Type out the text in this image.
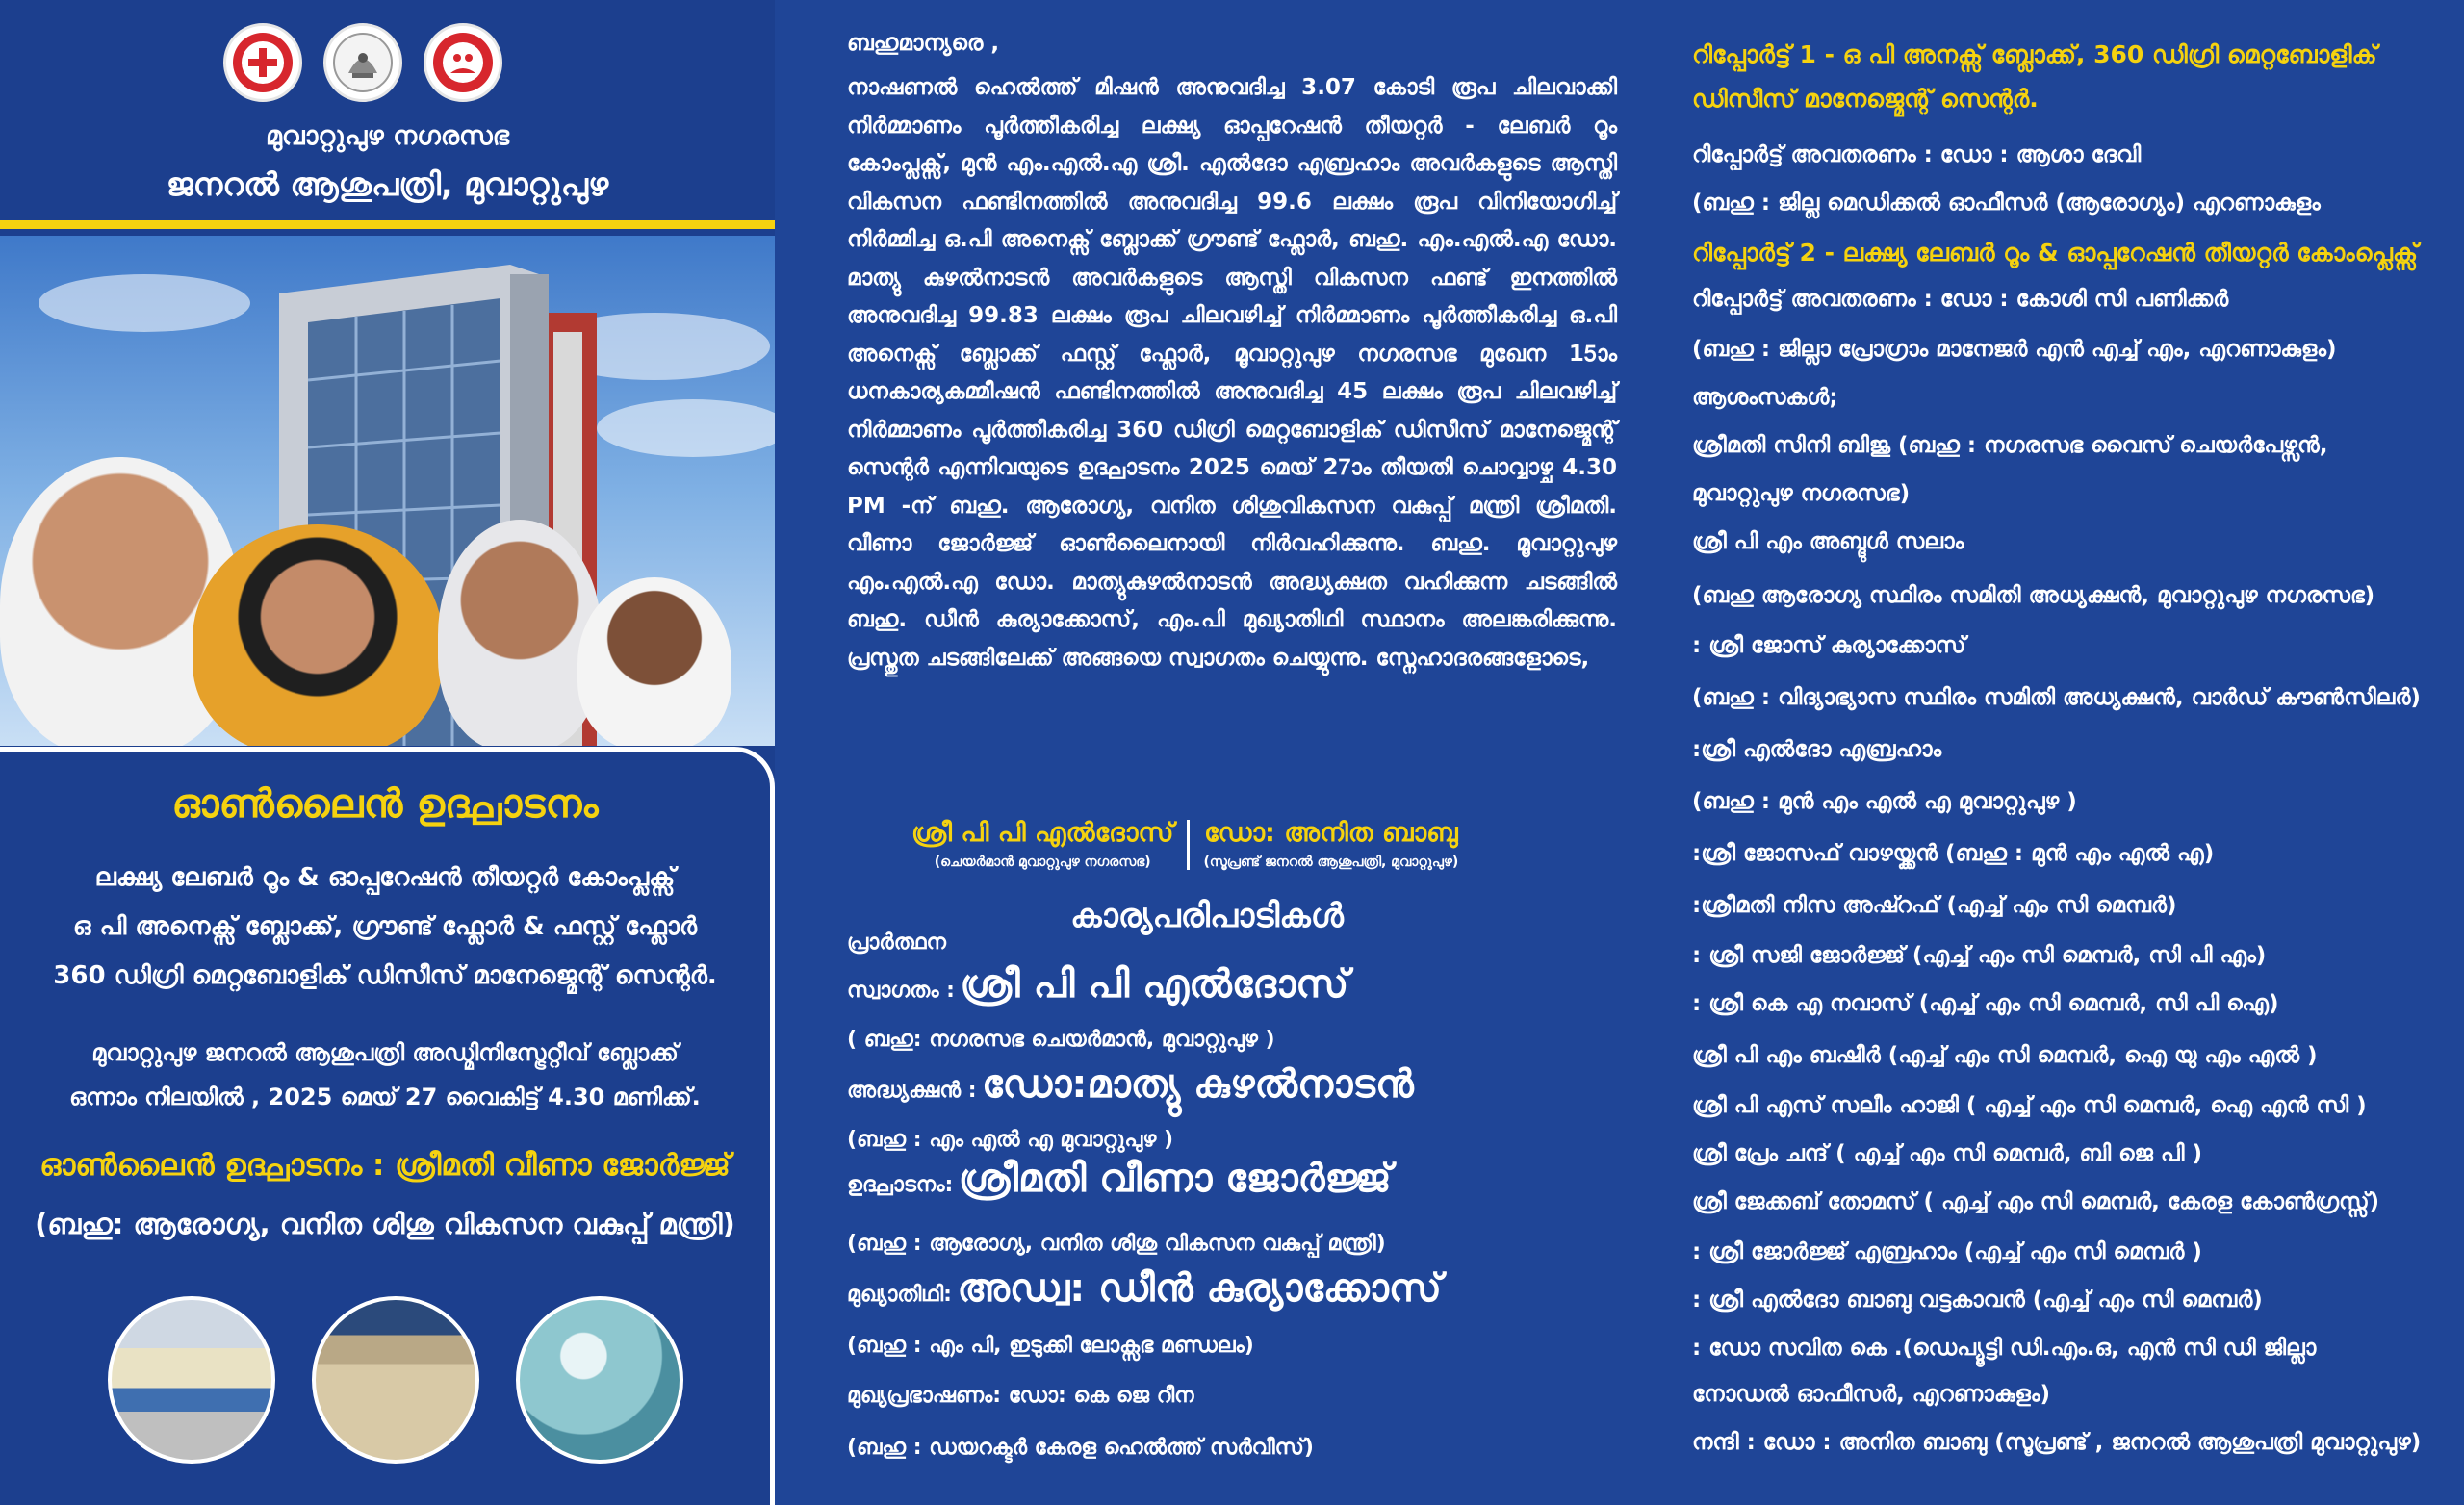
മുവാറ്റുപുഴ നഗരസഭ
ജനറൽ ആശുപത്രി, മുവാറ്റുപുഴ
ഓൺലൈൻ ഉദ്ഘാടനം
ലക്ഷ്യ ലേബർ റൂം & ഓപ്പറേഷൻ തീയറ്റർ കോംപ്ലക്സ്
ഒ പി അനെക്സ് ബ്ലോക്ക്, ഗ്രൗണ്ട് ഫ്ലോർ & ഫസ്റ്റ് ഫ്ലോർ
360 ഡിഗ്രി മെറ്റബോളിക് ഡിസീസ് മാനേജ്മെന്റ് സെന്റർ.
മുവാറ്റുപുഴ ജനറൽ ആശുപത്രി അഡ്മിനിസ്ട്രേറ്റീവ് ബ്ലോക്ക്
ഒന്നാം നിലയിൽ , 2025 മെയ് 27 വൈകിട്ട് 4.30 മണിക്ക്.
ഓൺലൈൻ ഉദ്ഘാടനം : ശ്രീമതി വീണാ ജോർജ്ജ്
(ബഹു: ആരോഗ്യ, വനിത ശിശു വികസന വകുപ്പ് മന്ത്രി)
ബഹുമാന്യരെ ,

നാഷണൽ ഹെൽത്ത് മിഷൻ അനുവദിച്ച 3.07 കോടി രൂപ ചിലവാക്കി നിർമ്മാണം പൂർത്തീകരിച്ച ലക്ഷ്യ ഓപ്പറേഷൻ തീയറ്റർ - ലേബർ റൂം കോംപ്ലക്സ്, മുൻ എം.എൽ.എ ശ്രീ. എൽദോ എബ്രഹാം അവർകളുടെ ആസ്തി വികസന ഫണ്ടിനത്തിൽ അനുവദിച്ച 99.6 ലക്ഷം രൂപ വിനിയോഗിച്ച് നിർമ്മിച്ച ഒ.പി അനെക്സ് ബ്ലോക്ക് ഗ്രൗണ്ട് ഫ്ലോർ, ബഹു. എം.എൽ.എ ഡോ. മാത്യു കുഴൽനാടൻ അവർകളുടെ ആസ്തി വികസന ഫണ്ട് ഇനത്തിൽ അനുവദിച്ച 99.83 ലക്ഷം രൂപ ചിലവഴിച്ച് നിർമ്മാണം പൂർത്തീകരിച്ച ഒ.പി അനെക്സ് ബ്ലോക്ക് ഫസ്റ്റ് ഫ്ലോർ, മൂവാറ്റുപുഴ നഗരസഭ മുഖേന 15ാം ധനകാര്യകമ്മീഷൻ ഫണ്ടിനത്തിൽ അനുവദിച്ച 45 ലക്ഷം രൂപ ചിലവഴിച്ച് നിർമ്മാണം പൂർത്തീകരിച്ച 360 ഡിഗ്രി മെറ്റബോളിക് ഡിസീസ് മാനേജ്മെന്റ് സെന്റർ എന്നിവയുടെ ഉദ്ഘാടനം 2025 മെയ് 27ാം തീയതി ചൊവ്വാഴ്ച 4.30 PM -ന് ബഹു. ആരോഗ്യ, വനിത ശിശുവികസന വകുപ്പ് മന്ത്രി ശ്രീമതി. വീണാ ജോർജ്ജ് ഓൺലൈനായി നിർവഹിക്കുന്നു. ബഹു. മൂവാറ്റുപുഴ എം.എൽ.എ ഡോ. മാത്യുകുഴൽനാടൻ അദ്ധ്യക്ഷത വഹിക്കുന്ന ചടങ്ങിൽ ബഹു. ഡീൻ കുര്യാക്കോസ്, എം.പി മുഖ്യാതിഥി സ്ഥാനം അലങ്കരിക്കുന്നു. പ്രസ്തുത ചടങ്ങിലേക്ക് അങ്ങയെ സ്വാഗതം ചെയ്യുന്നു. സ്നേഹാദരങ്ങളോടെ,

ശ്രീ പി പി എൽദോസ്
(ചെയർമാൻ മുവാറ്റുപുഴ നഗരസഭ)
ഡോ: അനിത ബാബു
(സൂപ്രണ്ട് ജനറൽ ആശുപത്രി, മുവാറ്റുപുഴ)
കാര്യപരിപാടികൾ
പ്രാർത്ഥന
സ്വാഗതം : ശ്രീ പി പി എൽദോസ്
( ബഹു: നഗരസഭ ചെയർമാൻ, മുവാറ്റുപുഴ )
അദ്ധ്യക്ഷൻ : ഡോ:മാത്യു കുഴൽനാടൻ
(ബഹു : എം എൽ എ മുവാറ്റുപുഴ )
ഉദ്ഘാടനം: ശ്രീമതി വീണാ ജോർജ്ജ്
(ബഹു : ആരോഗ്യ, വനിത ശിശു വികസന വകുപ്പ് മന്ത്രി)
മുഖ്യാതിഥി: അഡ്വ: ഡീൻ കുര്യാക്കോസ്
(ബഹു : എം പി, ഇടുക്കി ലോക്സഭ മണ്ഡലം)
മുഖ്യപ്രഭാഷണം: ഡോ: കെ ജെ റീന
(ബഹു : ഡയറക്ടർ കേരള ഹെൽത്ത് സർവീസ്)
റിപ്പോർട്ട് 1 - ഒ പി അനക്സ് ബ്ലോക്ക്, 360 ഡിഗ്രി മെറ്റബോളിക്
ഡിസീസ് മാനേജ്മെന്റ് സെന്റർ.
റിപ്പോർട്ട് അവതരണം : ഡോ : ആശാ ദേവി
(ബഹു : ജില്ല മെഡിക്കൽ ഓഫീസർ (ആരോഗ്യം) എറണാകുളം
റിപ്പോർട്ട് 2 - ലക്ഷ്യ ലേബർ റൂം & ഓപ്പറേഷൻ തീയറ്റർ കോംപ്ലെക്സ്
റിപ്പോർട്ട് അവതരണം : ഡോ : കോശി സി പണിക്കർ
(ബഹു : ജില്ലാ പ്രോഗ്രാം മാനേജർ എൻ എച്ച് എം, എറണാകുളം)
ആശംസകൾ;
ശ്രീമതി സിനി ബിജു (ബഹു : നഗരസഭ വൈസ് ചെയർപേഴ്സൻ,
മുവാറ്റുപുഴ നഗരസഭ)
ശ്രീ പി എം അബ്ദുൾ സലാം
(ബഹു ആരോഗ്യ സ്ഥിരം സമിതി അധ്യക്ഷൻ, മുവാറ്റുപുഴ നഗരസഭ)
: ശ്രീ ജോസ് കുര്യാക്കോസ്
(ബഹു : വിദ്യാഭ്യാസ സ്ഥിരം സമിതി അധ്യക്ഷൻ, വാർഡ് കൗൺസിലർ)
:ശ്രീ എൽദോ എബ്രഹാം
(ബഹു : മുൻ എം എൽ എ മുവാറ്റുപുഴ )
:ശ്രീ ജോസഫ് വാഴയ്ക്കൻ (ബഹു : മുൻ എം എൽ എ)
:ശ്രീമതി നിസ അഷ്റഫ് (എച്ച് എം സി മെമ്പർ)
: ശ്രീ സജി ജോർജ്ജ് (എച്ച് എം സി മെമ്പർ, സി പി എം)
: ശ്രീ കെ എ നവാസ് (എച്ച് എം സി മെമ്പർ, സി പി ഐ)
ശ്രീ പി എം ബഷീർ (എച്ച് എം സി മെമ്പർ, ഐ യു എം എൽ )
ശ്രീ പി എസ് സലീം ഹാജി ( എച്ച് എം സി മെമ്പർ, ഐ എൻ സി )
ശ്രീ പ്രേം ചന്ദ് ( എച്ച് എം സി മെമ്പർ, ബി ജെ പി )
ശ്രീ ജേക്കബ് തോമസ് ( എച്ച് എം സി മെമ്പർ, കേരള കോൺഗ്രസ്സ്)
: ശ്രീ ജോർജ്ജ് എബ്രഹാം (എച്ച് എം സി മെമ്പർ )
: ശ്രീ എൽദോ ബാബു വട്ടകാവൻ (എച്ച് എം സി മെമ്പർ)
: ഡോ സവിത കെ .(ഡെപ്യൂട്ടി ഡി.എം.ഒ, എൻ സി ഡി ജില്ലാ
നോഡൽ ഓഫീസർ, എറണാകുളം)
നന്ദി : ഡോ : അനിത ബാബു (സൂപ്രണ്ട് , ജനറൽ ആശുപത്രി മുവാറ്റുപുഴ)
